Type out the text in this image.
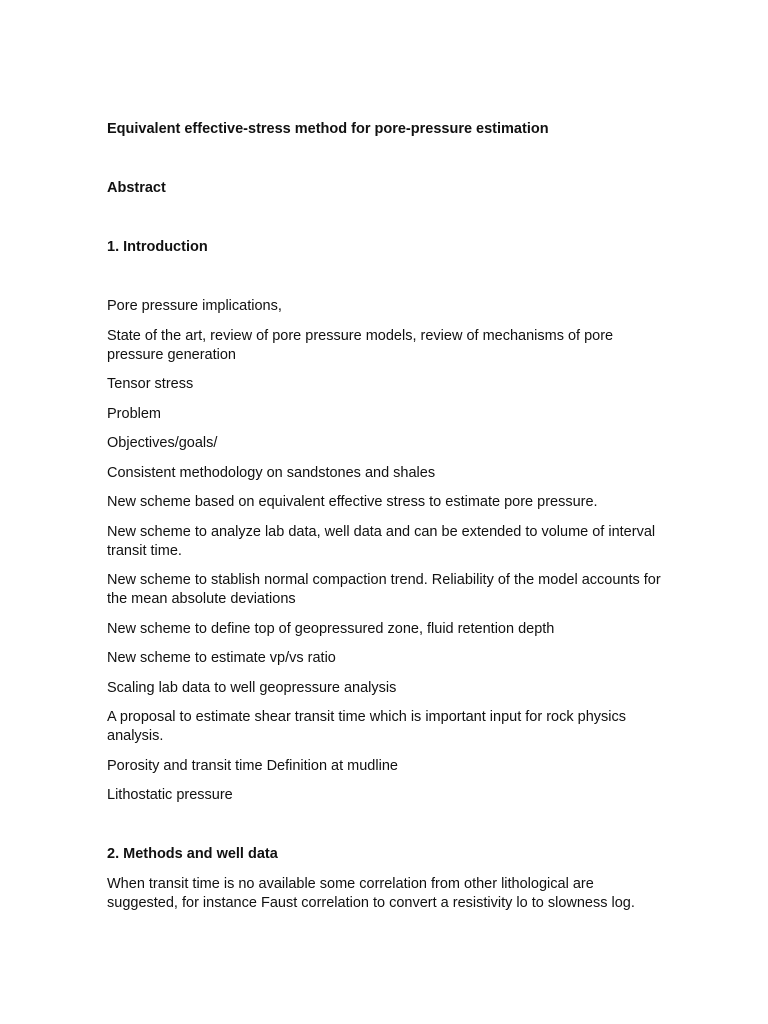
Equivalent effective-stress method for pore-pressure estimation

Abstract

1. Introduction

Pore pressure implications,

State of the art, review of pore pressure models, review of mechanisms of pore pressure generation

Tensor stress

Problem

Objectives/goals/

Consistent methodology on sandstones and shales

New scheme based on equivalent effective stress to estimate pore pressure.

New scheme to analyze lab data, well data and can be extended to volume of interval transit time.

New scheme to stablish normal compaction trend. Reliability of the model accounts for the mean absolute deviations

New scheme to define top of geopressured zone, fluid retention depth

New scheme to estimate vp/vs ratio

Scaling lab data to well geopressure analysis

A proposal to estimate shear transit time which is important input for rock physics analysis.

Porosity and transit time Definition at mudline

Lithostatic pressure

2. Methods and well data

When transit time is no available some correlation from other lithological are suggested, for instance Faust correlation to convert a resistivity lo to slowness log.
